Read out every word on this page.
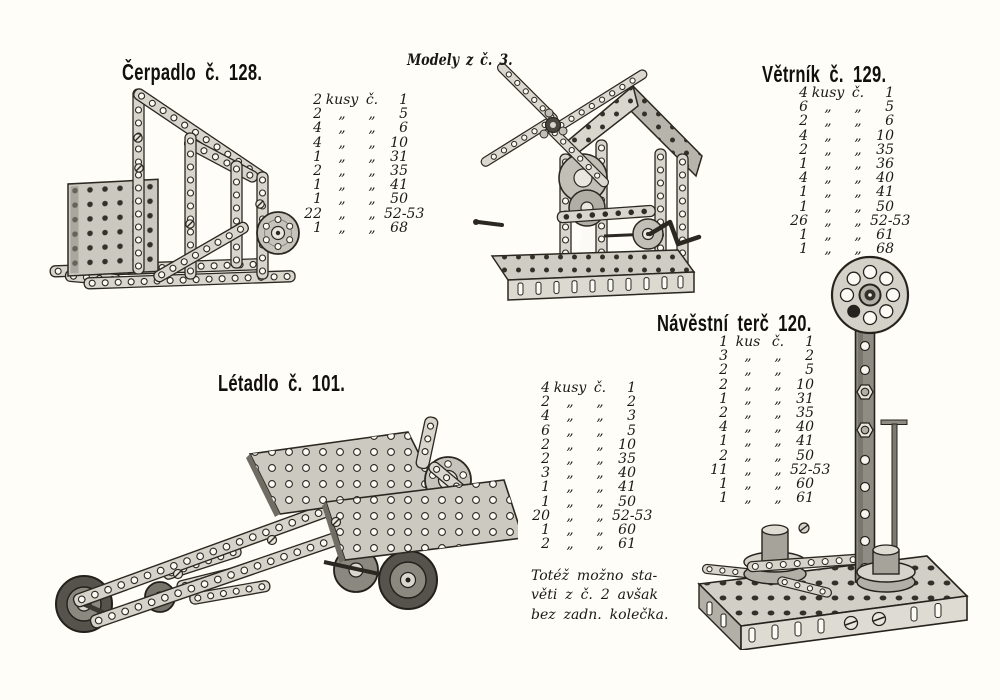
Čerpadlo č. 128.	Modely z č. 3.
Větrník č. 129.
Návěstní terč 120.
Létadlo č. 101.
2 kusy č.	1
2	„	„	5
4	„	„	6
4	„	„	10
1	„	„	31
2	„	„	35
1	„	„	41
1	„	„	50
22	„	„ 52-53
1	„	„	68
4 kusy č.	1
6	„	„	5
2	„	„	6
4	„	„	10
2	„	„	35
1	„	„	36
4	„	„	40
1	„	„	41
1	„	„	50
26	„	„ 52-53
1	„	„	61
1	„	„	68
1 kus č.	1
3	„	„	2
2	„	„	5
2	„	„	10
1	„	„	31
2	„	„	35
4	„	„	40
1	„	„	41
2	„	„	50
11	„	„ 52-53
1	„	„	60
1	„	„	61
4 kusy č.	1
2	„	„	2
4	„	„	3
6	„	„	5
2	„	„	10
2	„	„	35
3	„	„	40
1	„	„	41
1	„	„	50
20	„	„ 52-53
1	„	„	60
2	„	„	61
Totéž možno sta-
věti z č. 2 avšak
bez zadn. kolečka.
